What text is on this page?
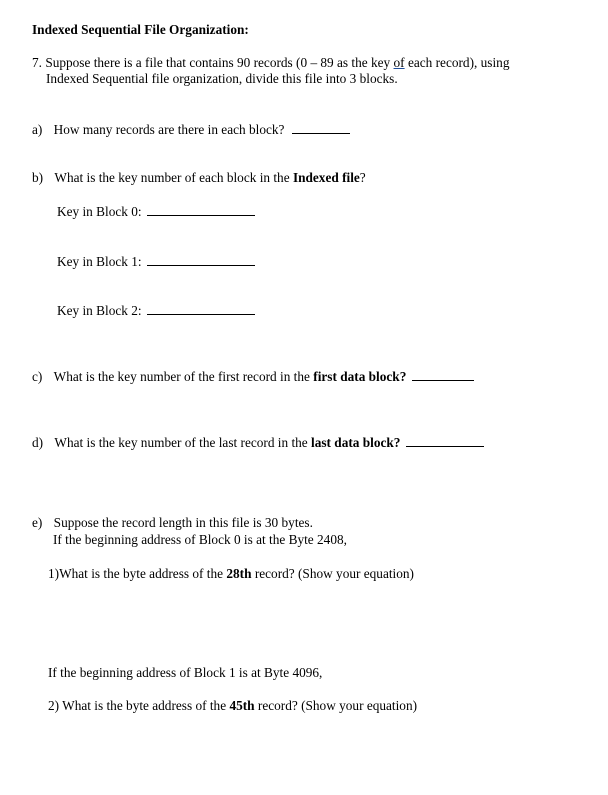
Indexed Sequential File Organization:
7. Suppose there is a file that contains 90 records (0 – 89 as the key of each record), using
Indexed Sequential file organization, divide this file into 3 blocks.
a) How many records are there in each block?
b) What is the key number of each block in the Indexed file?
Key in Block 0:
Key in Block 1:
Key in Block 2:
c) What is the key number of the first record in the first data block?
d) What is the key number of the last record in the last data block?
e) Suppose the record length in this file is 30 bytes.
If the beginning address of Block 0 is at the Byte 2408,
1)What is the byte address of the 28th record? (Show your equation)
If the beginning address of Block 1 is at Byte 4096,
2) What is the byte address of the 45th record? (Show your equation)
